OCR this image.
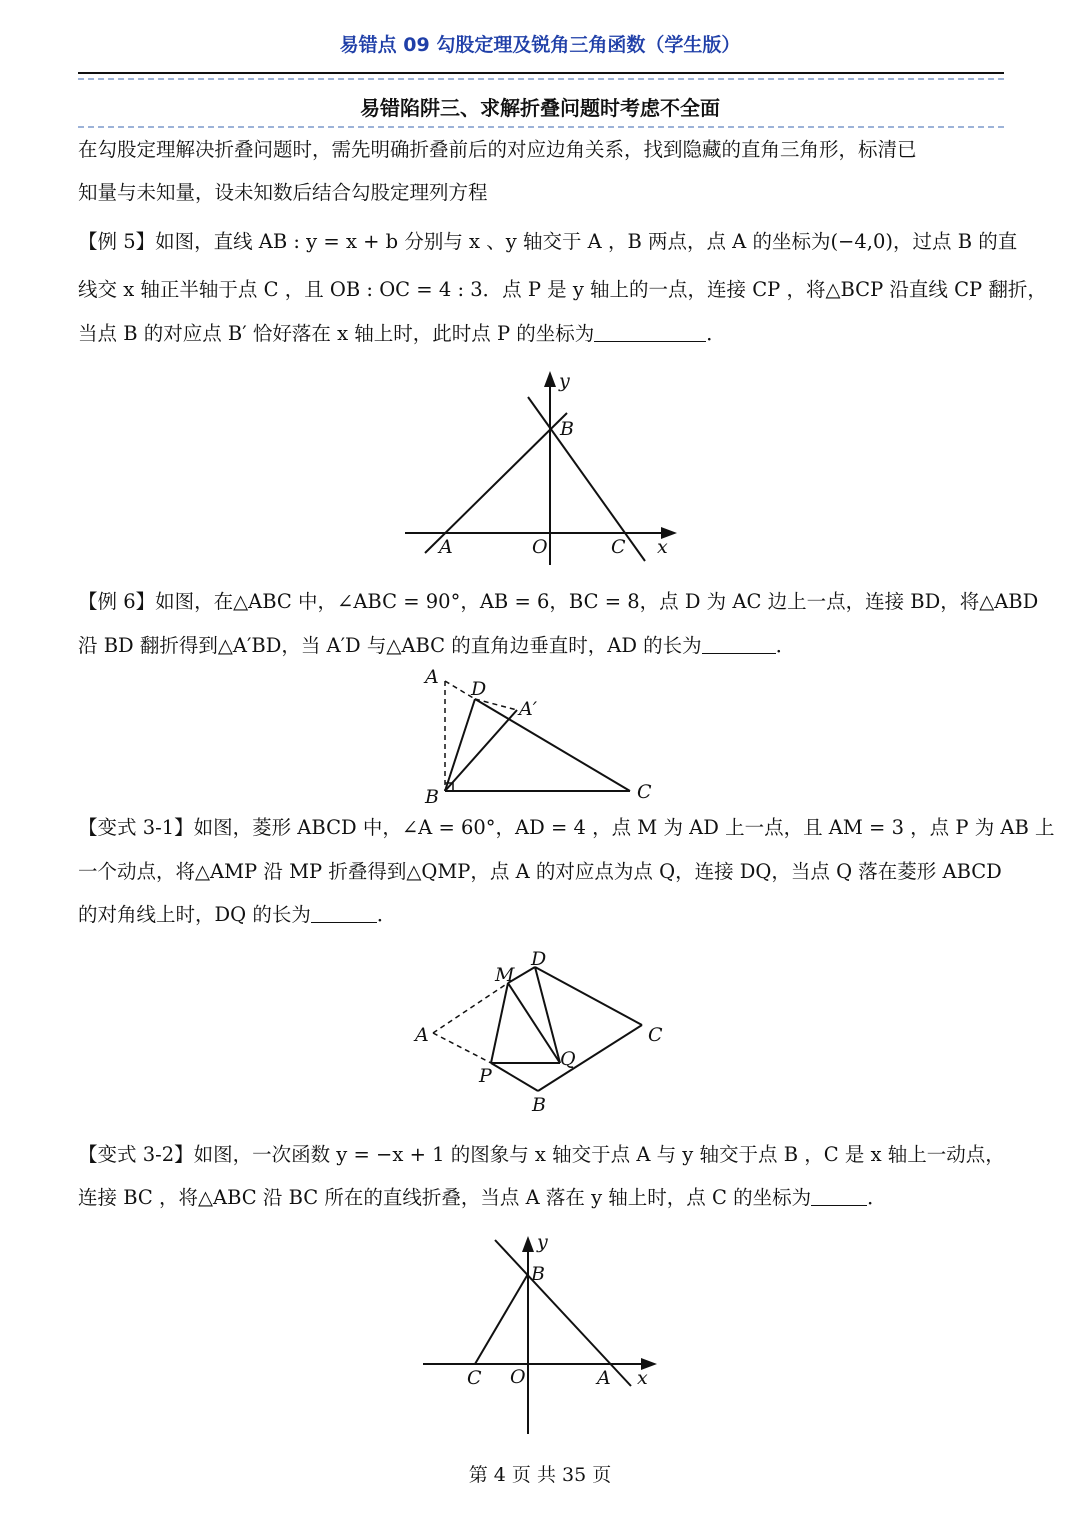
易错点 09 勾股定理及锐角三角函数（学生版）
易错陷阱三、求解折叠问题时考虑不全面
在勾股定理解决折叠问题时，需先明确折叠前后的对应边角关系，找到隐藏的直角三角形，标清已
知量与未知量，设未知数后结合勾股定理列方程
【例 5】如图，直线 AB : y = x + b 分别与 x 、y 轴交于 A ，B 两点，点 A 的坐标为(−4,0)，过点 B 的直
线交 x 轴正半轴于点 C ，且 OB : OC = 4 : 3．点 P 是 y 轴上的一点，连接 CP ，将△BCP 沿直线 CP 翻折，
当点 B 的对应点 B′ 恰好落在 x 轴上时，此时点 P 的坐标为	．
y
B
A	O	C x
【例 6】如图，在△ABC 中，∠ABC = 90°，AB = 6，BC = 8，点 D 为 AC 边上一点，连接 BD，将△ABD
沿 BD 翻折得到△A′BD，当 A′D 与△ABC 的直角边垂直时，AD 的长为	．
A
D
A′
B	C
【变式 3-1】如图，菱形 ABCD 中，∠A = 60°，AD = 4 ，点 M 为 AD 上一点，且 AM = 3 ，点 P 为 AB 上
一个动点，将△AMP 沿 MP 折叠得到△QMP，点 A 的对应点为点 Q，连接 DQ，当点 Q 落在菱形 ABCD
的对角线上时，DQ 的长为	．
M
D
A	C
Q
P
B
【变式 3-2】如图，一次函数 y = −x + 1 的图象与 x 轴交于点 A 与 y 轴交于点 B ，C 是 x 轴上一动点，
连接 BC ，将△ABC 沿 BC 所在的直线折叠，当点 A 落在 y 轴上时，点 C 的坐标为	．
y
B
C O	A x
第 4 页 共 35 页
